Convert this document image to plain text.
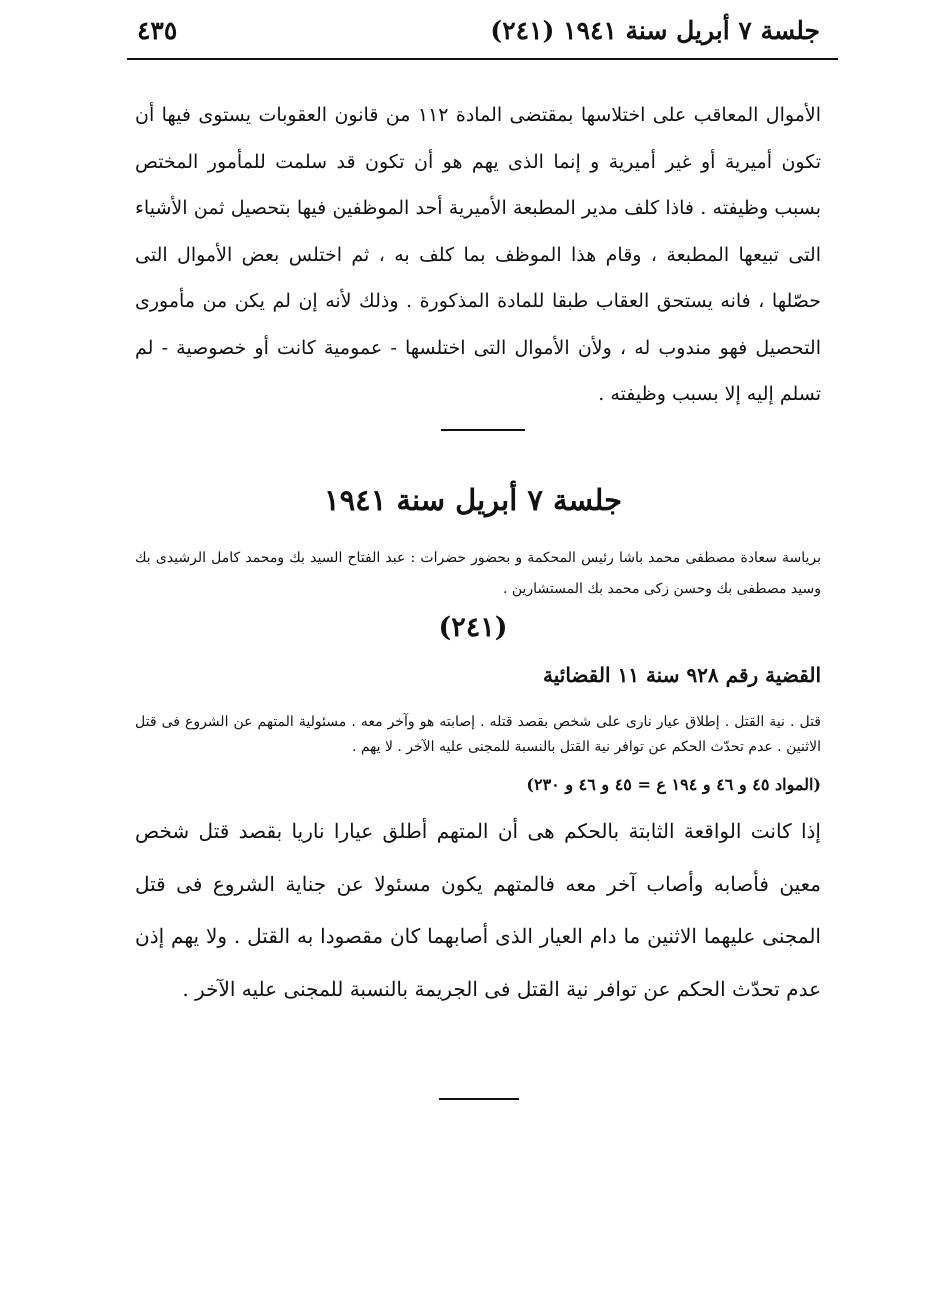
جلسة ٧ أبريل سنة ١٩٤١ (٢٤١)
٤٣٥

الأموال المعاقب على اختلاسها بمقتضى المادة ١١٢ من قانون العقوبات يستوى فيها أن تكون أميرية أو غير أميرية و إنما الذى يهم هو أن تكون قد سلمت للمأمور المختص بسبب وظيفته . فاذا كلف مدير المطبعة الأميرية أحد الموظفين فيها بتحصيل ثمن الأشياء التى تبيعها المطبعة ، وقام هذا الموظف بما كلف به ، ثم اختلس بعض الأموال التى حصّلها ، فانه يستحق العقاب طبقا للمادة المذكورة . وذلك لأنه إن لم يكن من مأمورى التحصيل فهو مندوب له ، ولأن الأموال التى اختلسها - عمومية كانت أو خصوصية - لم تسلم إليه إلا بسبب وظيفته .

جلسة ٧ أبريل سنة ١٩٤١

برياسة سعادة مصطفى محمد باشا رئيس المحكمة و بحضور حضرات : عبد الفتاح السيد بك ومحمد كامل الرشيدى بك وسيد مصطفى بك وحسن زكى محمد بك المستشارين .

(٢٤١)

القضية رقم ٩٢٨ سنة ١١ القضائية

قتل . نية القتل . إطلاق عيار نارى على شخص بقصد قتله . إصابته هو وآخر معه . مسئولية المتهم عن الشروع فى قتل الاثنين . عدم تحدّث الحكم عن توافر نية القتل بالنسبة للمجنى عليه الآخر . لا يهم .

(المواد ٤٥ و ٤٦ و ١٩٤ ع = ٤٥ و ٤٦ و ٢٣٠)

إذا كانت الواقعة الثابتة بالحكم هى أن المتهم أطلق عيارا ناريا بقصد قتل شخص معين فأصابه وأصاب آخر معه فالمتهم يكون مسئولا عن جناية الشروع فى قتل المجنى عليهما الاثنين ما دام العيار الذى أصابهما كان مقصودا به القتل . ولا يهم إذن عدم تحدّث الحكم عن توافر نية القتل فى الجريمة بالنسبة للمجنى عليه الآخر .
